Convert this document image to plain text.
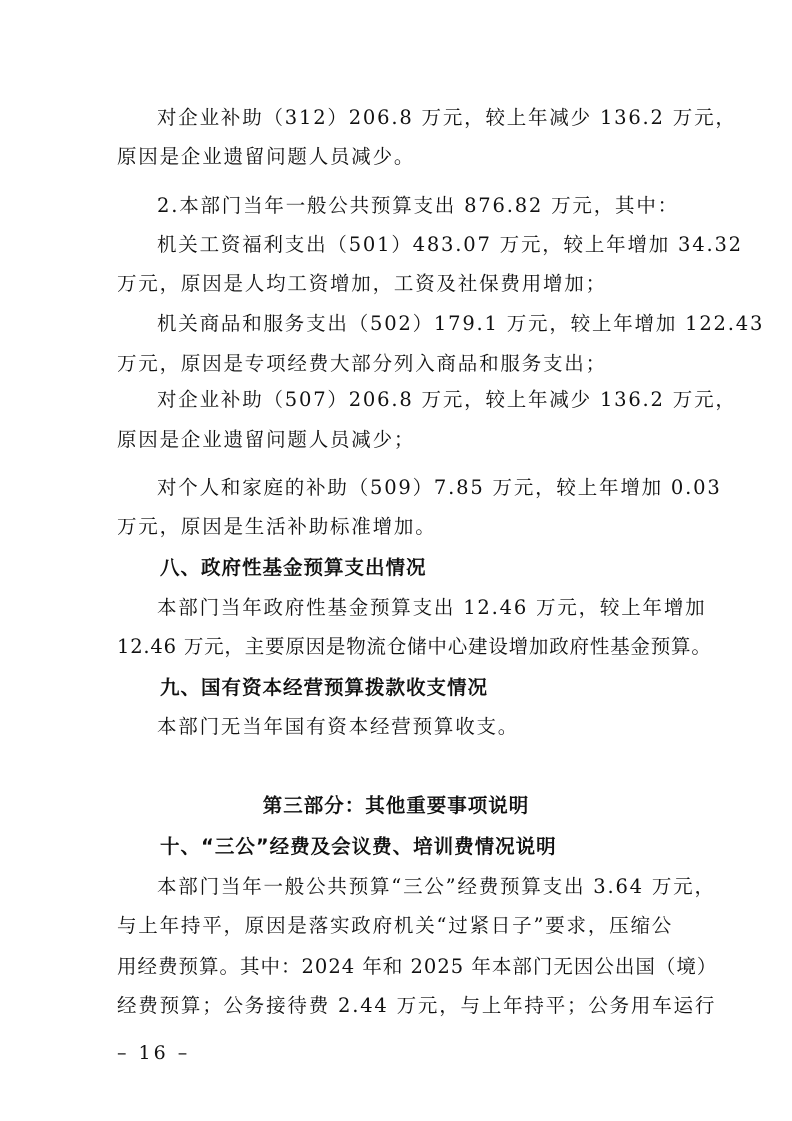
对企业补助（312）206.8 万元，较上年减少 136.2 万元，
原因是企业遗留问题人员减少。
2.本部门当年一般公共预算支出 876.82 万元，其中：
机关工资福利支出（501）483.07 万元，较上年增加 34.32
万元，原因是人均工资增加，工资及社保费用增加；
机关商品和服务支出（502）179.1 万元，较上年增加 122.43
万元，原因是专项经费大部分列入商品和服务支出；
对企业补助（507）206.8 万元，较上年减少 136.2 万元，
原因是企业遗留问题人员减少；
对个人和家庭的补助（509）7.85 万元，较上年增加 0.03
万元，原因是生活补助标准增加。
八、政府性基金预算支出情况
本部门当年政府性基金预算支出 12.46 万元，较上年增加
12.46 万元，主要原因是物流仓储中心建设增加政府性基金预算。
九、国有资本经营预算拨款收支情况
本部门无当年国有资本经营预算收支。
第三部分：其他重要事项说明
十、“三公”经费及会议费、培训费情况说明
本部门当年一般公共预算“三公”经费预算支出 3.64 万元，
与上年持平，原因是落实政府机关“过紧日子”要求，压缩公
用经费预算。其中：2024 年和 2025 年本部门无因公出国（境）
经费预算；公务接待费 2.44 万元，与上年持平；公务用车运行
– 16 –
